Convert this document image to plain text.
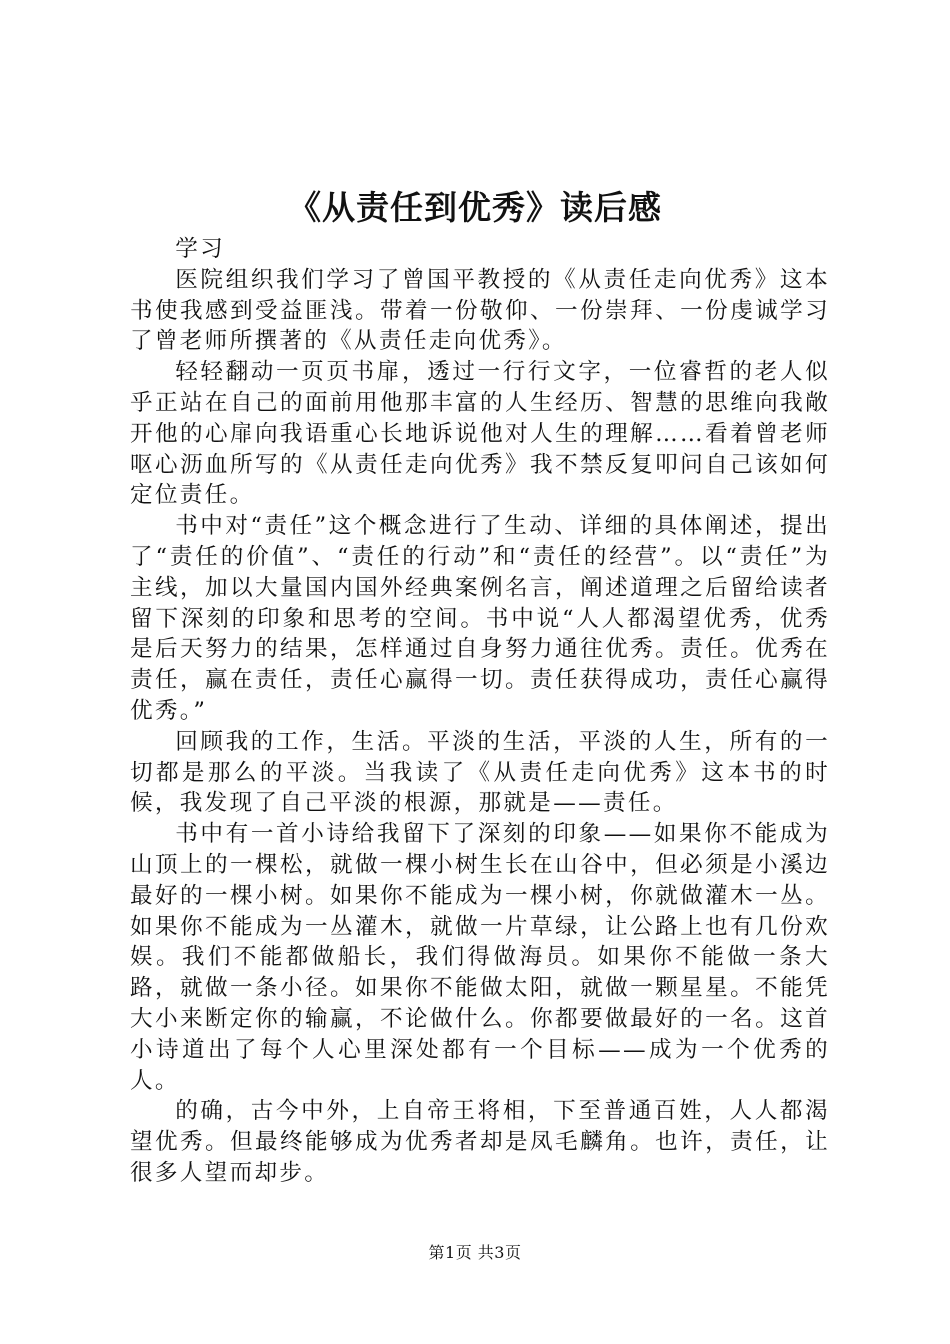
《从责任到优秀》读后感

学习

医院组织我们学习了曾国平教授的《从责任走向优秀》这本书使我感到受益匪浅。带着一份敬仰、一份崇拜、一份虔诚学习了曾老师所撰著的《从责任走向优秀》。

轻轻翻动一页页书扉，透过一行行文字，一位睿哲的老人似乎正站在自己的面前用他那丰富的人生经历、智慧的思维向我敞开他的心扉向我语重心长地诉说他对人生的理解……看着曾老师呕心沥血所写的《从责任走向优秀》我不禁反复叩问自己该如何定位责任。

书中对“责任”这个概念进行了生动、详细的具体阐述，提出了“责任的价值”、“责任的行动”和“责任的经营”。以“责任”为主线，加以大量国内国外经典案例名言，阐述道理之后留给读者留下深刻的印象和思考的空间。书中说“人人都渴望优秀，优秀是后天努力的结果，怎样通过自身努力通往优秀。责任。优秀在责任，赢在责任，责任心赢得一切。责任获得成功，责任心赢得优秀。”

回顾我的工作，生活。平淡的生活，平淡的人生，所有的一切都是那么的平淡。当我读了《从责任走向优秀》这本书的时候，我发现了自己平淡的根源，那就是——责任。

书中有一首小诗给我留下了深刻的印象——如果你不能成为山顶上的一棵松，就做一棵小树生长在山谷中，但必须是小溪边最好的一棵小树。如果你不能成为一棵小树，你就做灌木一丛。如果你不能成为一丛灌木，就做一片草绿，让公路上也有几份欢娱。我们不能都做船长，我们得做海员。如果你不能做一条大路，就做一条小径。如果你不能做太阳，就做一颗星星。不能凭大小来断定你的输赢，不论做什么。你都要做最好的一名。这首小诗道出了每个人心里深处都有一个目标——成为一个优秀的人。

的确，古今中外，上自帝王将相，下至普通百姓，人人都渴望优秀。但最终能够成为优秀者却是凤毛麟角。也许，责任，让很多人望而却步。

第1页 共3页
